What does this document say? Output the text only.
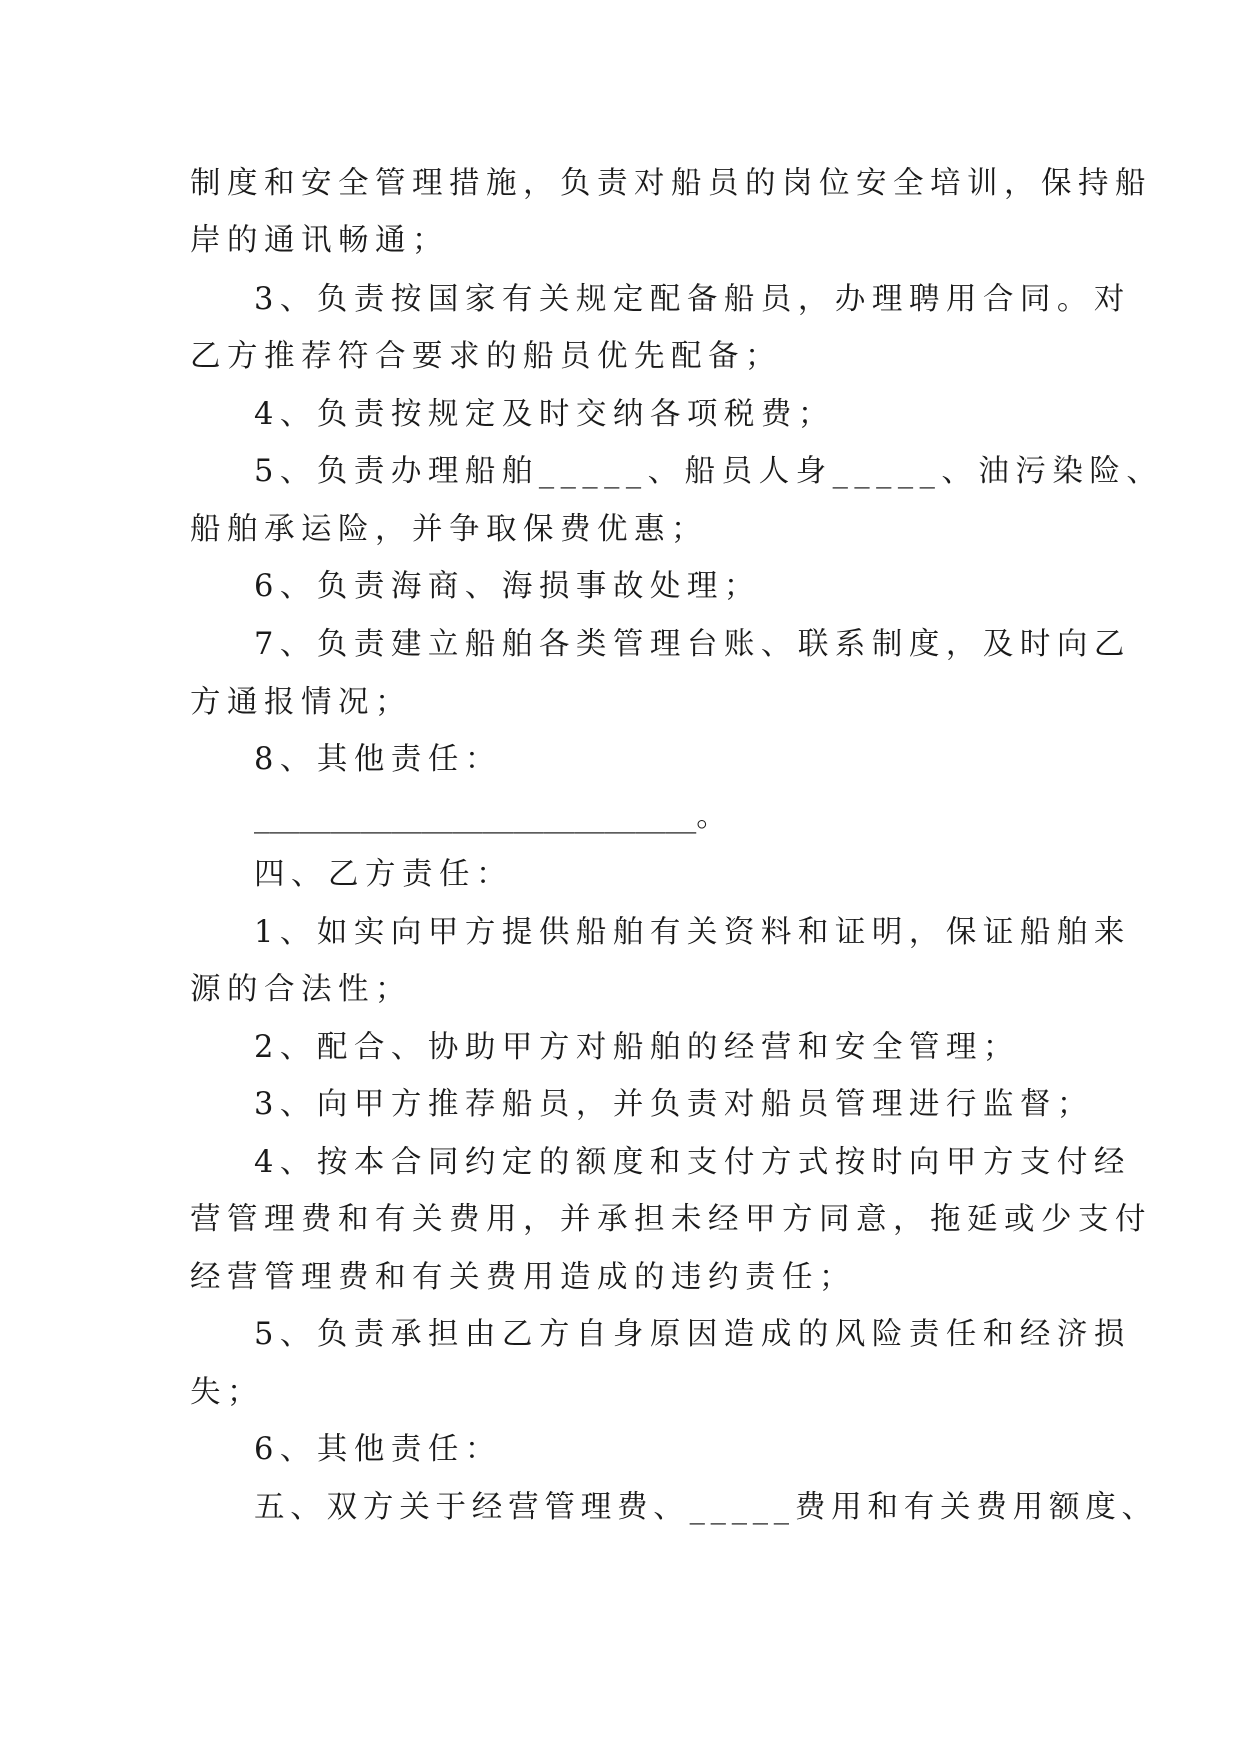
制度和安全管理措施，负责对船员的岗位安全培训，保持船
岸的通讯畅通；
3、负责按国家有关规定配备船员，办理聘用合同。对
乙方推荐符合要求的船员优先配备；
4、负责按规定及时交纳各项税费；
5、负责办理船舶_____、船员人身_____、油污染险、
船舶承运险，并争取保费优惠；
6、负责海商、海损事故处理；
7、负责建立船舶各类管理台账、联系制度，及时向乙
方通报情况；
8、其他责任：
_____________________________。
四、乙方责任：
1、如实向甲方提供船舶有关资料和证明，保证船舶来
源的合法性；
2、配合、协助甲方对船舶的经营和安全管理；
3、向甲方推荐船员，并负责对船员管理进行监督；
4、按本合同约定的额度和支付方式按时向甲方支付经
营管理费和有关费用，并承担未经甲方同意，拖延或少支付
经营管理费和有关费用造成的违约责任；
5、负责承担由乙方自身原因造成的风险责任和经济损
失；
6、其他责任：
五、双方关于经营管理费、_____费用和有关费用额度、
